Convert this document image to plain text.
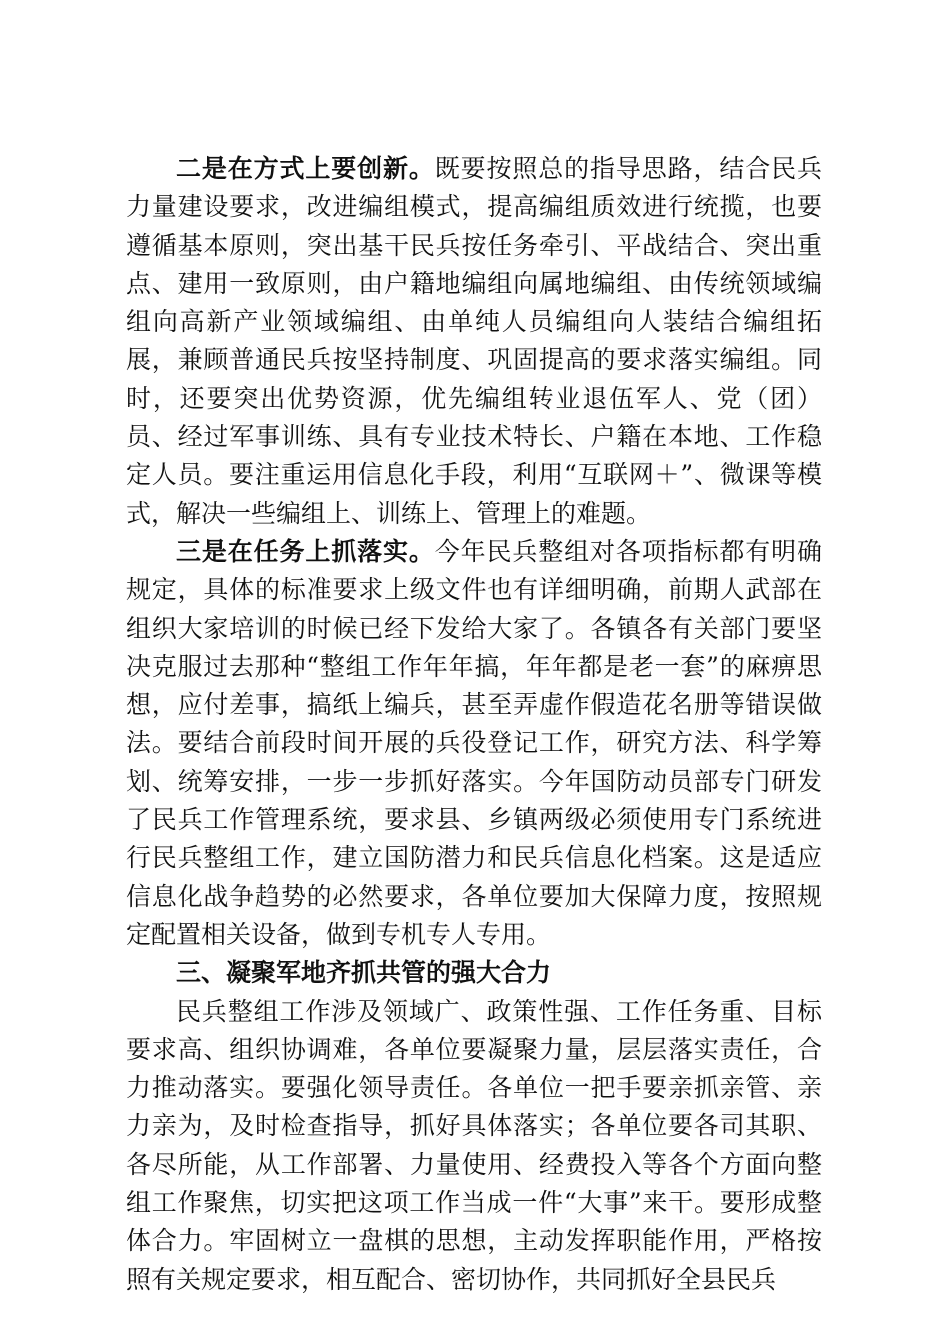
二是在方式上要创新。既要按照总的指导思路，结合民兵力量建设要求，改进编组模式，提高编组质效进行统揽，也要遵循基本原则，突出基干民兵按任务牵引、平战结合、突出重点、建用一致原则，由户籍地编组向属地编组、由传统领域编组向高新产业领域编组、由单纯人员编组向人装结合编组拓展，兼顾普通民兵按坚持制度、巩固提高的要求落实编组。同时，还要突出优势资源，优先编组转业退伍军人、党（团）员、经过军事训练、具有专业技术特长、户籍在本地、工作稳定人员。要注重运用信息化手段，利用“互联网＋”、微课等模式，解决一些编组上、训练上、管理上的难题。

三是在任务上抓落实。今年民兵整组对各项指标都有明确规定，具体的标准要求上级文件也有详细明确，前期人武部在组织大家培训的时候已经下发给大家了。各镇各有关部门要坚决克服过去那种“整组工作年年搞，年年都是老一套”的麻痹思想，应付差事，搞纸上编兵，甚至弄虚作假造花名册等错误做法。要结合前段时间开展的兵役登记工作，研究方法、科学筹划、统筹安排，一步一步抓好落实。今年国防动员部专门研发了民兵工作管理系统，要求县、乡镇两级必须使用专门系统进行民兵整组工作，建立国防潜力和民兵信息化档案。这是适应信息化战争趋势的必然要求，各单位要加大保障力度，按照规定配置相关设备，做到专机专人专用。

三、凝聚军地齐抓共管的强大合力

民兵整组工作涉及领域广、政策性强、工作任务重、目标要求高、组织协调难，各单位要凝聚力量，层层落实责任，合力推动落实。要强化领导责任。各单位一把手要亲抓亲管、亲力亲为，及时检查指导，抓好具体落实；各单位要各司其职、各尽所能，从工作部署、力量使用、经费投入等各个方面向整组工作聚焦，切实把这项工作当成一件“大事”来干。要形成整体合力。牢固树立一盘棋的思想，主动发挥职能作用，严格按照有关规定要求，相互配合、密切协作，共同抓好全县民兵
